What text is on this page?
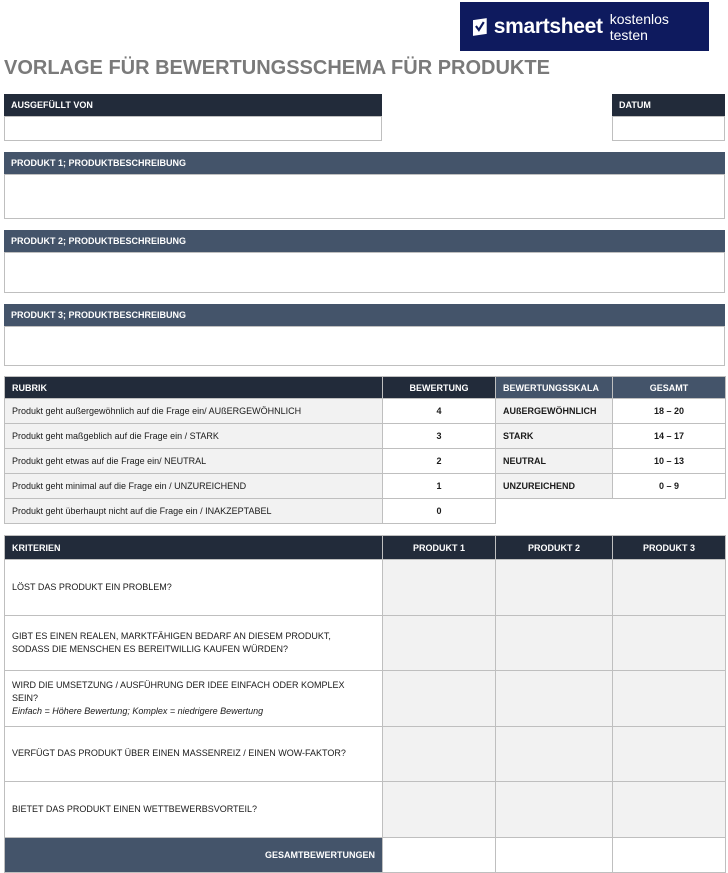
smartsheet kostenlos testen
VORLAGE FÜR BEWERTUNGSSCHEMA FÜR PRODUKTE
AUSGEFÜLLT VON	DATUM
PRODUKT 1; PRODUKTBESCHREIBUNG
PRODUKT 2; PRODUKTBESCHREIBUNG
PRODUKT 3; PRODUKTBESCHREIBUNG
RUBRIK	BEWERTUNG	BEWERTUNGSSKALA	GESAMT
Produkt geht außergewöhnlich auf die Frage ein/ AUßERGEWÖHNLICH	4	AUßERGEWÖHNLICH	18 – 20
Produkt geht maßgeblich auf die Frage ein / STARK	3	STARK	14 – 17
Produkt geht etwas auf die Frage ein/ NEUTRAL	2	NEUTRAL	10 – 13
Produkt geht minimal auf die Frage ein / UNZUREICHEND	1	UNZUREICHEND	0 – 9
Produkt geht überhaupt nicht auf die Frage ein / INAKZEPTABEL	0		
KRITERIEN	PRODUKT 1	PRODUKT 2	PRODUKT 3
LÖST DAS PRODUKT EIN PROBLEM?			
GIBT ES EINEN REALEN, MARKTFÄHIGEN BEDARF AN DIESEM PRODUKT, SODASS DIE MENSCHEN ES BEREITWILLIG KAUFEN WÜRDEN?			
WIRD DIE UMSETZUNG / AUSFÜHRUNG DER IDEE EINFACH ODER KOMPLEX SEIN?
Einfach = Höhere Bewertung; Komplex = niedrigere Bewertung			

VERFÜGT DAS PRODUKT ÜBER EINEN MASSENREIZ / EINEN WOW-FAKTOR?			
BIETET DAS PRODUKT EINEN WETTBEWERBSVORTEIL?			
GESAMTBEWERTUNGEN			
